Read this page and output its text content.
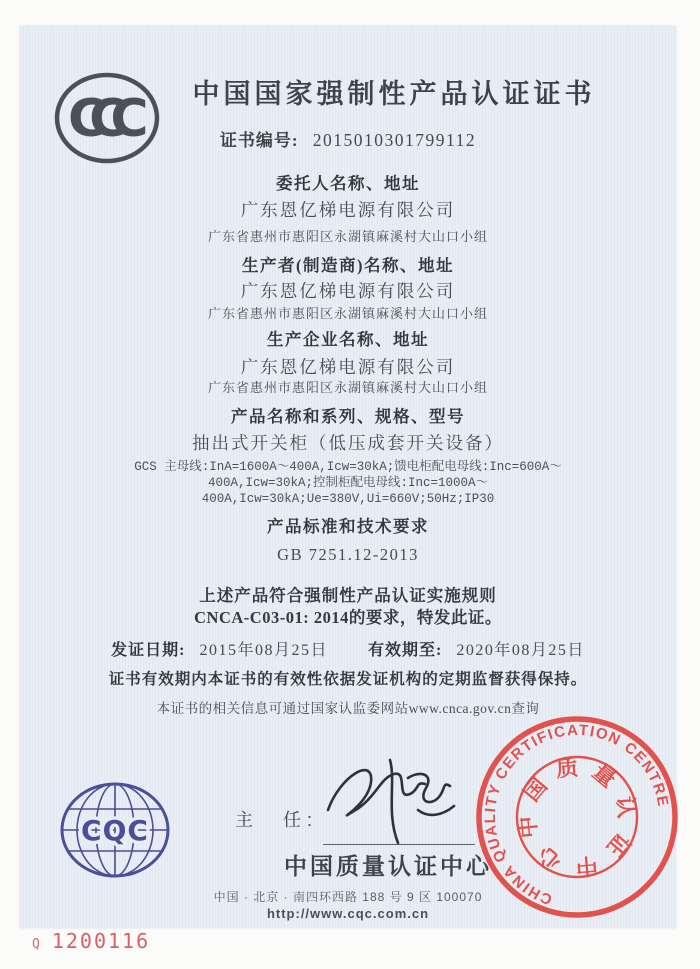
CCC	中国国家强制性产品认证证书
证书编号: 2015010301799112
委托人名称、地址
广东恩亿梯电源有限公司
广东省惠州市惠阳区永湖镇麻溪村大山口小组
生产者(制造商)名称、地址
广东恩亿梯电源有限公司
广东省惠州市惠阳区永湖镇麻溪村大山口小组
生产企业名称、地址
广东恩亿梯电源有限公司
广东省惠州市惠阳区永湖镇麻溪村大山口小组
产品名称和系列、规格、型号
抽出式开关柜（低压成套开关设备）
GCS 主母线:InA=1600A～400A,Icw=30kA;馈电柜配电母线:Inc=600A～
400A,Icw=30kA;控制柜配电母线:Inc=1000A～
400A,Icw=30kA;Ue=380V,Ui=660V;50Hz;IP30
产品标准和技术要求
GB 7251.12-2013
上述产品符合强制性产品认证实施规则
CNCA-C03-01: 2014的要求，特发此证。
发证日期: 2015年08月25日	有效期至: 2020年08月25日
证书有效期内本证书的有效性依据发证机构的定期监督获得保持。
本证书的相关信息可通过国家认监委网站www.cnca.gov.cn查询
CQC	主　任:
中国质量认证中心
中国 · 北京 · 南四环西路 188 号 9 区 100070
http://www.cqc.com.cn
CHINA QUALITY CERTIFICATION CENTRE
中国质量认证中心
Q 1200116
